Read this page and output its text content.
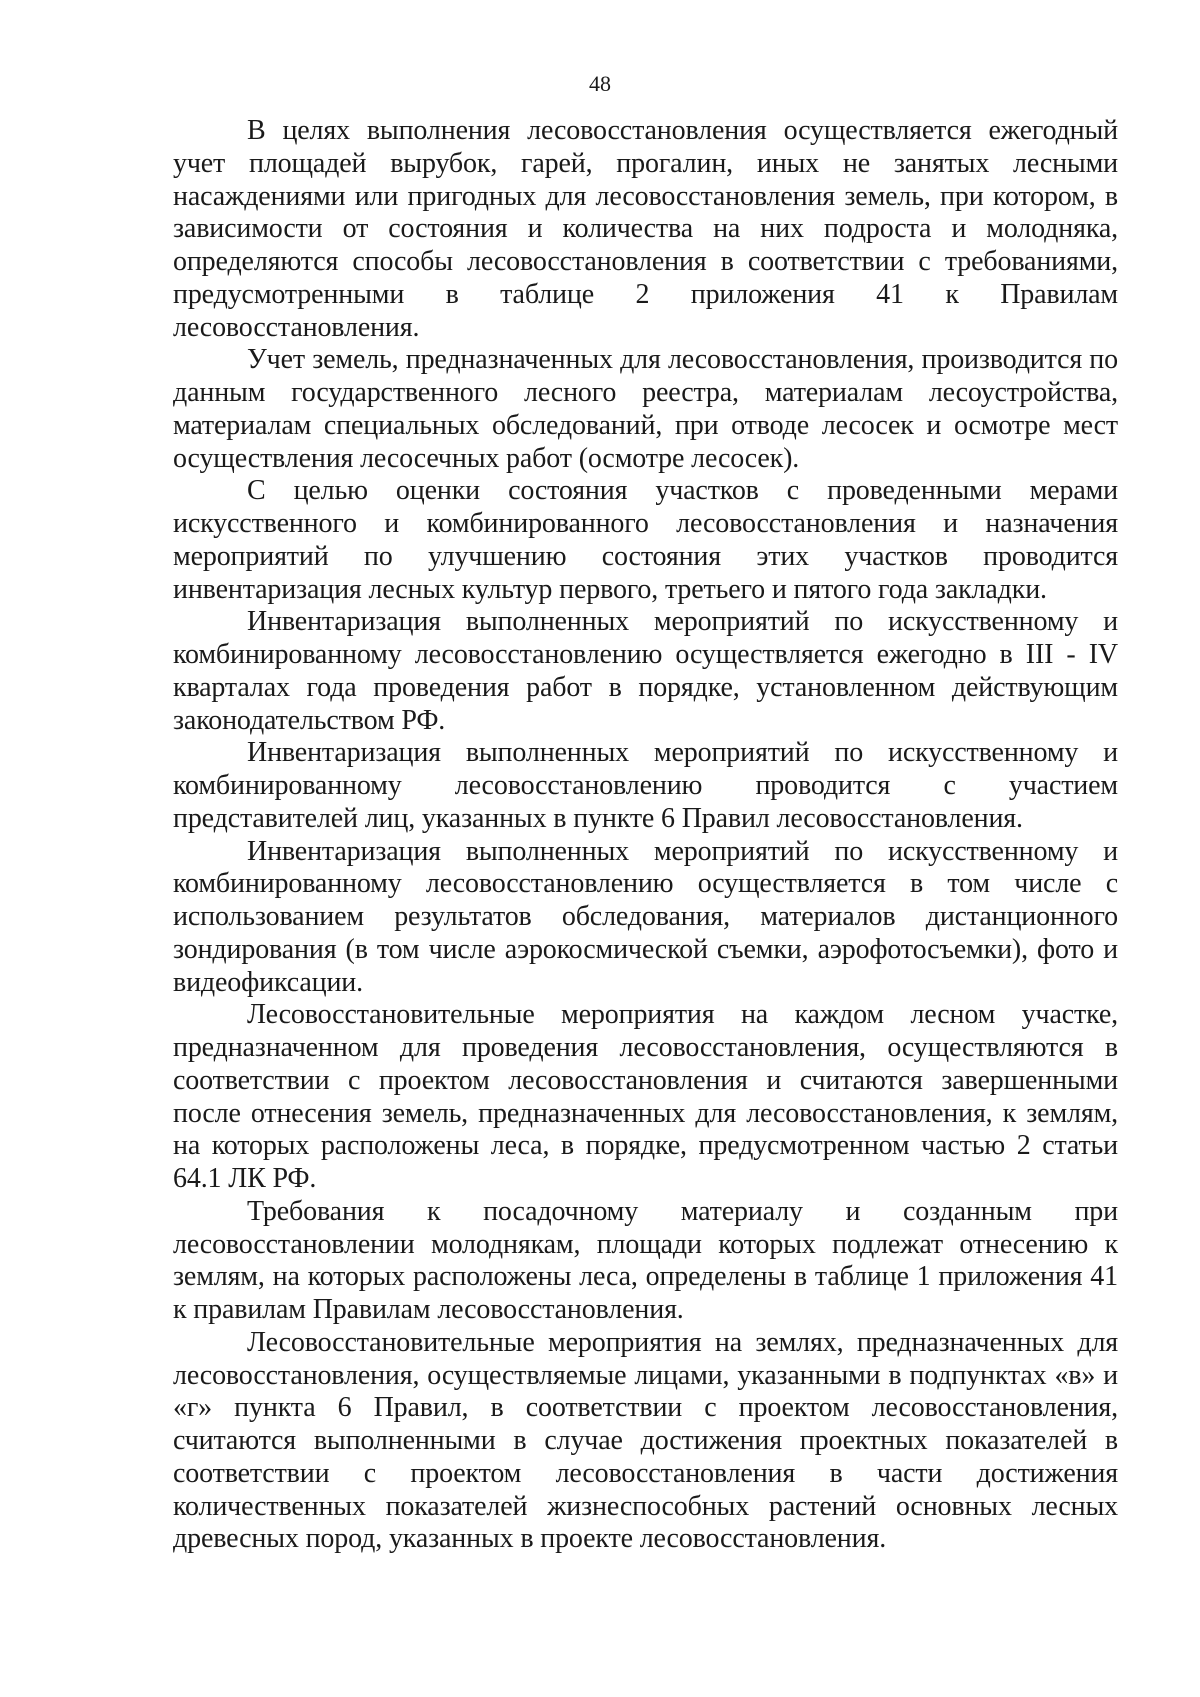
48

В целях выполнения лесовосстановления осуществляется ежегодный учет площадей вырубок, гарей, прогалин, иных не занятых лесными насаждениями или пригодных для лесовосстановления земель, при котором, в зависимости от состояния и количества на них подроста и молодняка, определяются способы лесовосстановления в соответствии с требованиями, предусмотренными в таблице 2 приложения 41 к Правилам лесовосстановления.

Учет земель, предназначенных для лесовосстановления, производится по данным государственного лесного реестра, материалам лесоустройства, материалам специальных обследований, при отводе лесосек и осмотре мест осуществления лесосечных работ (осмотре лесосек).

С целью оценки состояния участков с проведенными мерами искусственного и комбинированного лесовосстановления и назначения мероприятий по улучшению состояния этих участков проводится инвентаризация лесных культур первого, третьего и пятого года закладки.

Инвентаризация выполненных мероприятий по искусственному и комбинированному лесовосстановлению осуществляется ежегодно в III - IV кварталах года проведения работ в порядке, установленном действующим законодательством РФ.

Инвентаризация выполненных мероприятий по искусственному и комбинированному лесовосстановлению проводится с участием представителей лиц, указанных в пункте 6 Правил лесовосстановления.

Инвентаризация выполненных мероприятий по искусственному и комбинированному лесовосстановлению осуществляется в том числе с использованием результатов обследования, материалов дистанционного зондирования (в том числе аэрокосмической съемки, аэрофотосъемки), фото и видеофиксации.

Лесовосстановительные мероприятия на каждом лесном участке, предназначенном для проведения лесовосстановления, осуществляются в соответствии с проектом лесовосстановления и считаются завершенными после отнесения земель, предназначенных для лесовосстановления, к землям, на которых расположены леса, в порядке, предусмотренном частью 2 статьи 64.1 ЛК РФ.

Требования к посадочному материалу и созданным при лесовосстановлении молоднякам, площади которых подлежат отнесению к землям, на которых расположены леса, определены в таблице 1 приложения 41 к правилам Правилам лесовосстановления.

Лесовосстановительные мероприятия на землях, предназначенных для лесовосстановления, осуществляемые лицами, указанными в подпунктах «в» и «г» пункта 6 Правил, в соответствии с проектом лесовосстановления, считаются выполненными в случае достижения проектных показателей в соответствии с проектом лесовосстановления в части достижения количественных показателей жизнеспособных растений основных лесных древесных пород, указанных в проекте лесовосстановления.
